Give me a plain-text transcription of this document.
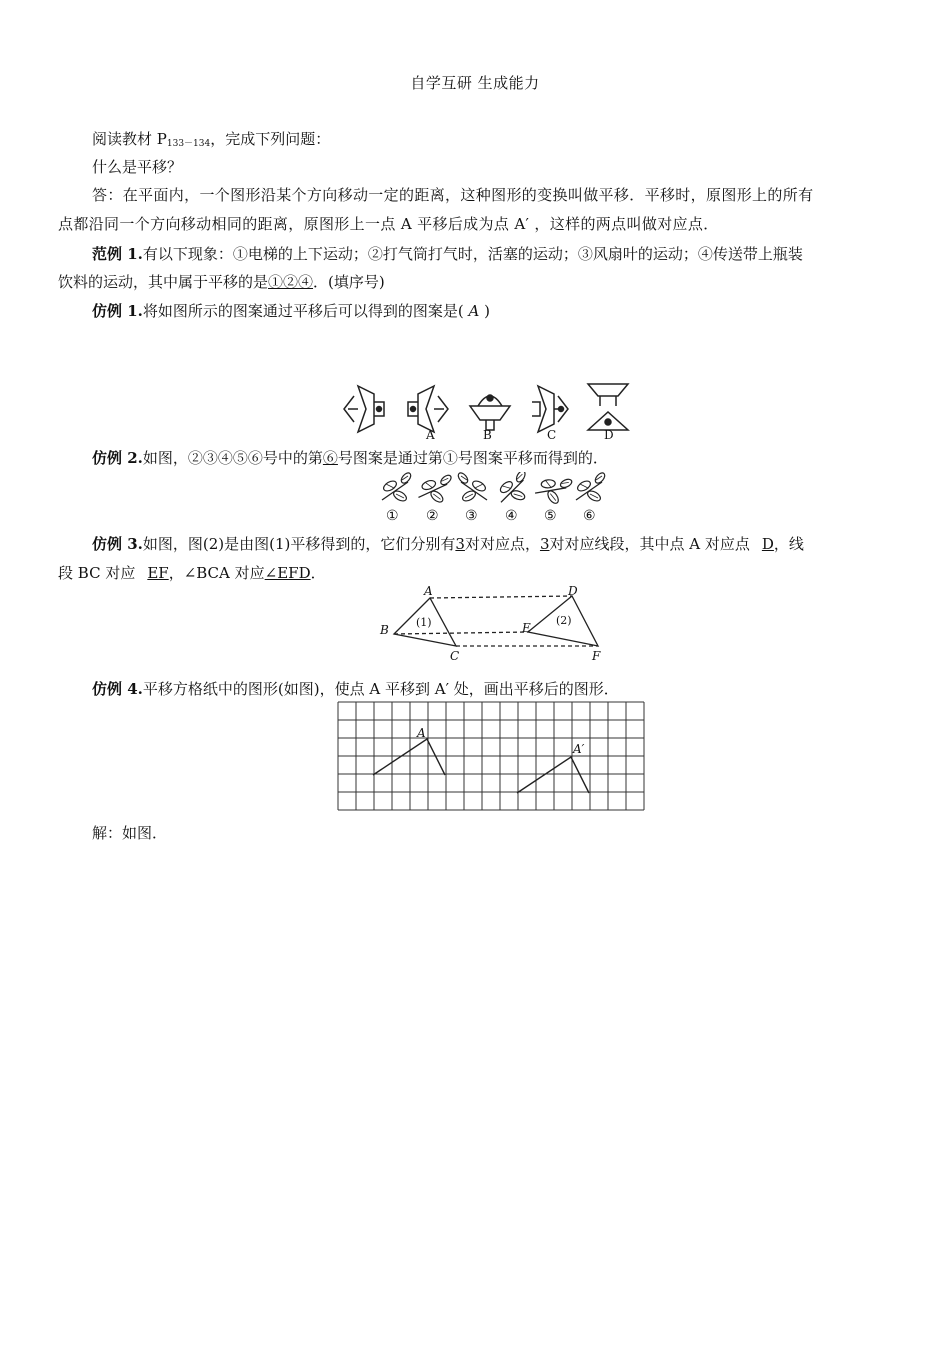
自学互研 生成能力
阅读教材 $P_{133-134}$，完成下列问题：
什么是平移？
答：在平面内，一个图形沿某个方向移动一定的距离，这种图形的变换叫做平移．平移时，原图形上的所有
点都沿同一个方向移动相同的距离，原图形上一点 A 平移后成为点 A′ ，这样的两点叫做对应点．
范例 1.有以下现象：①电梯的上下运动；②打气筒打气时，活塞的运动；③风扇叶的运动；④传送带上瓶装
饮料的运动，其中属于平移的是①②④．(填序号)
仿例 1.将如图所示的图案通过平移后可以得到的图案是( A )
A	B	C	D
仿例 2.如图，②③④⑤⑥号中的第⑥号图案是通过第①号图案平移而得到的．
① ② ③ ④ ⑤ ⑥
仿例 3.如图，图(2)是由图(1)平移得到的，它们分别有3对对应点，3对对应线段，其中点 A 对应点 D，线
段 BC 对应 EF，∠BCA 对应∠EFD．
A
B
C
D
E
F
(1)	(2)
仿例 4.平移方格纸中的图形(如图)，使点 A 平移到 A′ 处，画出平移后的图形．
A
A′
解：如图．
